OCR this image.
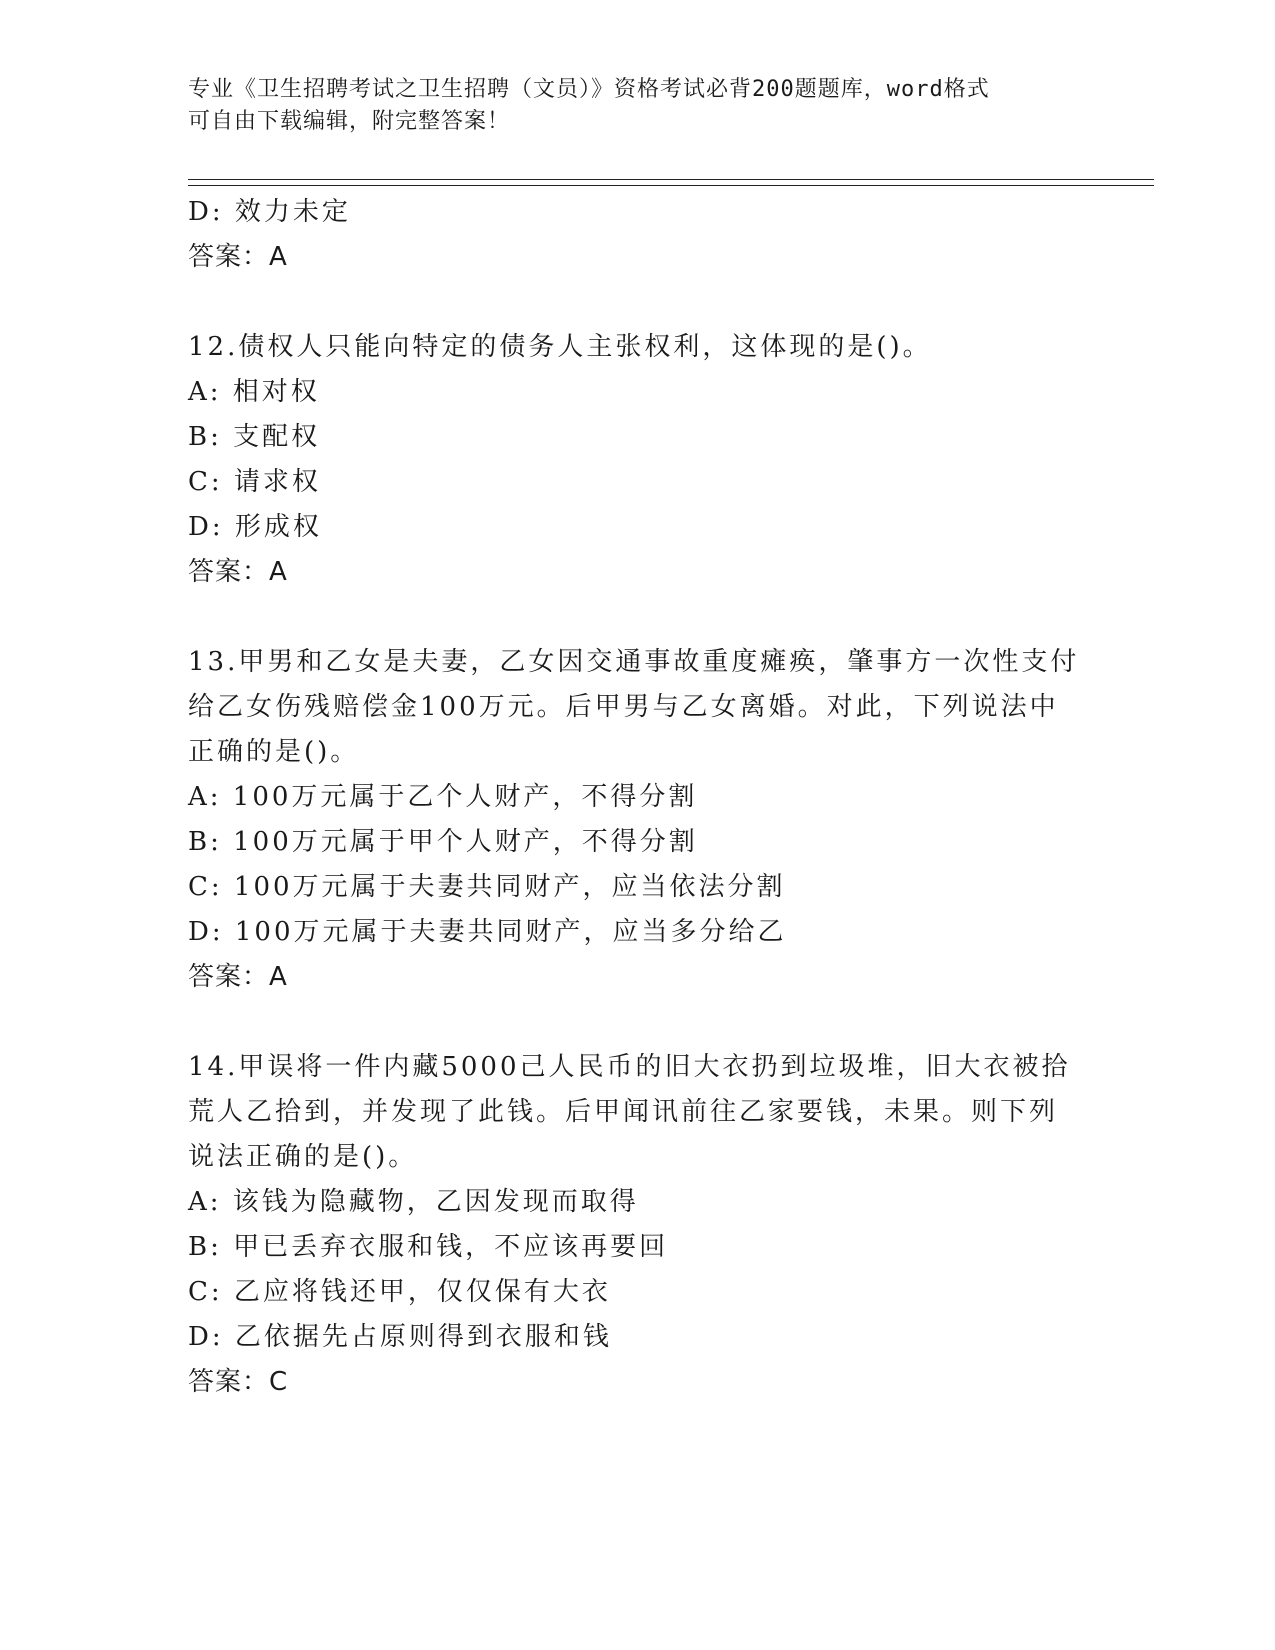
专业《卫生招聘考试之卫生招聘（文员）》资格考试必背200题题库，word格式
可自由下载编辑，附完整答案！
D: 效力未定
答案：A
12.债权人只能向特定的债务人主张权利，这体现的是()。
A: 相对权
B: 支配权
C: 请求权
D: 形成权
答案：A
13.甲男和乙女是夫妻，乙女因交通事故重度瘫痪，肇事方一次性支付
给乙女伤残赔偿金100万元。后甲男与乙女离婚。对此，下列说法中
正确的是()。
A: 100万元属于乙个人财产，不得分割
B: 100万元属于甲个人财产，不得分割
C: 100万元属于夫妻共同财产，应当依法分割
D: 100万元属于夫妻共同财产，应当多分给乙
答案：A
14.甲误将一件内藏5000己人民币的旧大衣扔到垃圾堆，旧大衣被拾
荒人乙拾到，并发现了此钱。后甲闻讯前往乙家要钱，未果。则下列
说法正确的是()。
A: 该钱为隐藏物，乙因发现而取得
B: 甲已丢弃衣服和钱，不应该再要回
C: 乙应将钱还甲，仅仅保有大衣
D: 乙依据先占原则得到衣服和钱
答案：C
